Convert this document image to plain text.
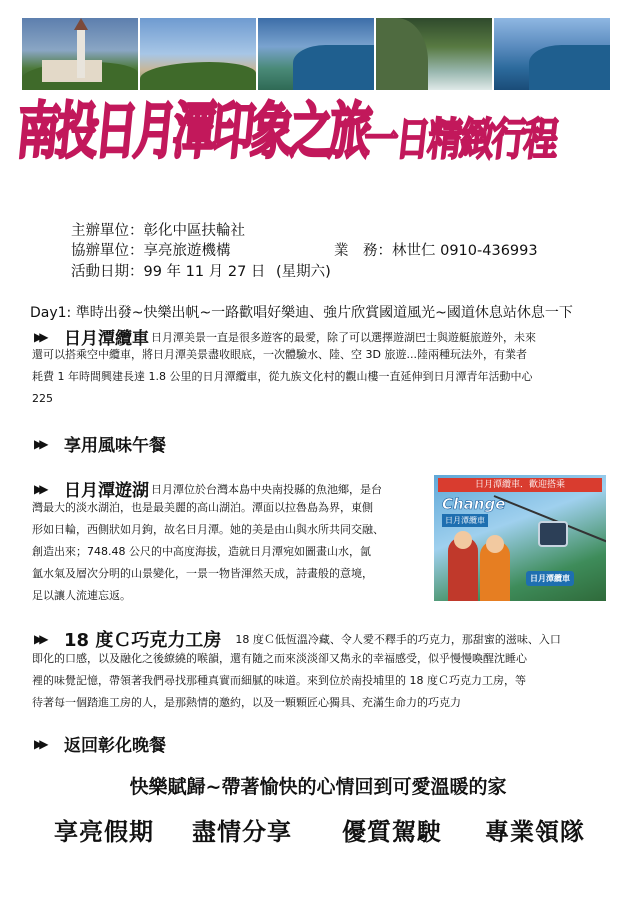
南投日月潭印象之旅
一日精緻行程
主辦單位：彰化中區扶輪社
協辦單位：享亮旅遊機構	業　務：林世仁 0910-436993
活動日期：99 年 11 月 27 日 (星期六)
Day1: 準時出發~快樂出帆~一路歡唱好樂迪、強片欣賞國道風光~國道休息站休息一下
▶▶	日月潭纜車 日月潭美景一直是很多遊客的最愛，除了可以選擇遊湖巴士與遊艇旅遊外，未來
還可以搭乘空中纜車，將日月潭美景盡收眼底，一次體驗水、陸、空 3D 旅遊...陸兩種玩法外，有業者
耗費 1 年時間興建長達 1.8 公里的日月潭纜車，從九族文化村的觀山樓一直延伸到日月潭青年活動中心
225
▶▶	享用風味午餐
▶▶	日月潭遊湖 日月潭位於台灣本島中央南投縣的魚池鄉，是台
灣最大的淡水湖泊，也是最美麗的高山湖泊。潭面以拉魯島為界，東側
形如日輪，西側狀如月鉤，故名日月潭。她的美是由山與水所共同交融、
創造出來；748.48 公尺的中高度海拔，造就日月潭宛如圖畫山水，氤
氳水氣及層次分明的山景變化，一景一物皆渾然天成，詩畫般的意境，
足以讓人流連忘返。
日月潭纜車．歡迎搭乘
Change
日月潭纜車
日月潭纜車
▶▶	18 度Ｃ巧克力工房 18 度Ｃ低恆溫冷藏、令人愛不釋手的巧克力，那甜蜜的滋味、入口
即化的口感，以及融化之後繚繞的喉韻，還有隨之而來淡淡卻又雋永的幸福感受，似乎慢慢喚醒沈睡心
裡的味覺記憶，帶領著我們尋找那種真實而細膩的味道。來到位於南投埔里的 18 度Ｃ巧克力工房，等
待著每一個踏進工房的人，是那熱情的邀約，以及一顆顆匠心獨具、充滿生命力的巧克力
▶▶	返回彰化晚餐
快樂賦歸~帶著愉快的心情回到可愛溫暖的家
享亮假期 盡情分享 優質駕駛 專業領隊
